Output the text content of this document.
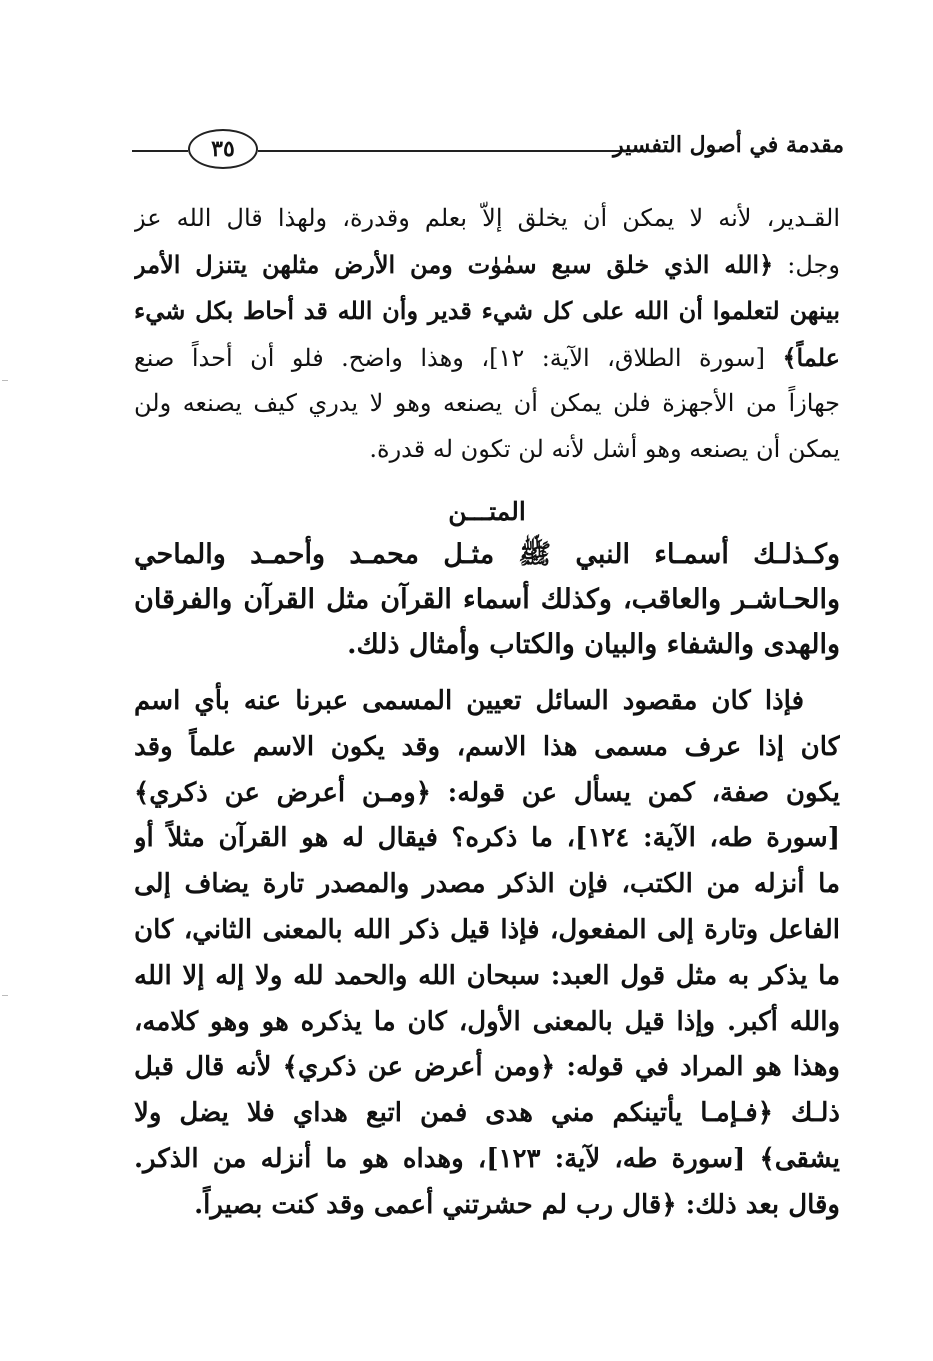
٣٥	مقدمة في أصول التفسير
القـدير، لأنه لا يمكن أن يخلق إلاّ بعلم وقدرة، ولهذا قال الله عز
وجل: ﴿الله الذي خلق سبع سمٰوٰت ومن الأرض مثلهن يتنزل الأمر
بينهن لتعلموا أن الله على كل شيء قدير وأن الله قد أحاط بكل شيء
علماً﴾ [سورة الطلاق، الآية: ١٢]، وهذا واضح. فلو أن أحداً صنع
جهازاً من الأجهزة فلن يمكن أن يصنعه وهو لا يدري كيف يصنعه ولن
يمكن أن يصنعه وهو أشل لأنه لن تكون له قدرة.
المتـــن
وكـذلـك أسمـاء النبي ﷺ مثـل محمـد وأحمـد والماحي
والحـاشـر والعاقب، وكذلك أسماء القرآن مثل القرآن والفرقان
والهدى والشفاء والبيان والكتاب وأمثال ذلك.
فإذا كان مقصود السائل تعيين المسمى عبرنا عنه بأي اسم
كان إذا عرف مسمى هذا الاسم، وقد يكون الاسم علماً وقد
يكون صفة، كمن يسأل عن قوله: ﴿ومـن أعرض عن ذكري﴾
[سورة طه، الآية: ١٢٤]، ما ذكره؟ فيقال له هو القرآن مثلاً أو
ما أنزله من الكتب، فإن الذكر مصدر والمصدر تارة يضاف إلى
الفاعل وتارة إلى المفعول، فإذا قيل ذكر الله بالمعنى الثاني، كان
ما يذكر به مثل قول العبد: سبحان الله والحمد لله ولا إله إلا الله
والله أكبر. وإذا قيل بالمعنى الأول، كان ما يذكره هو وهو كلامه،
وهذا هو المراد في قوله: ﴿ومن أعرض عن ذكري﴾ لأنه قال قبل
ذلـك ﴿فـإمـا يأتينكم مني هدى فمن اتبع هداي فلا يضل ولا
يشقى﴾ [سورة طه، لآية: ١٢٣]، وهداه هو ما أنزله من الذكر.
وقال بعد ذلك: ﴿قال رب لم حشرتني أعمى وقد كنت بصيراً.
